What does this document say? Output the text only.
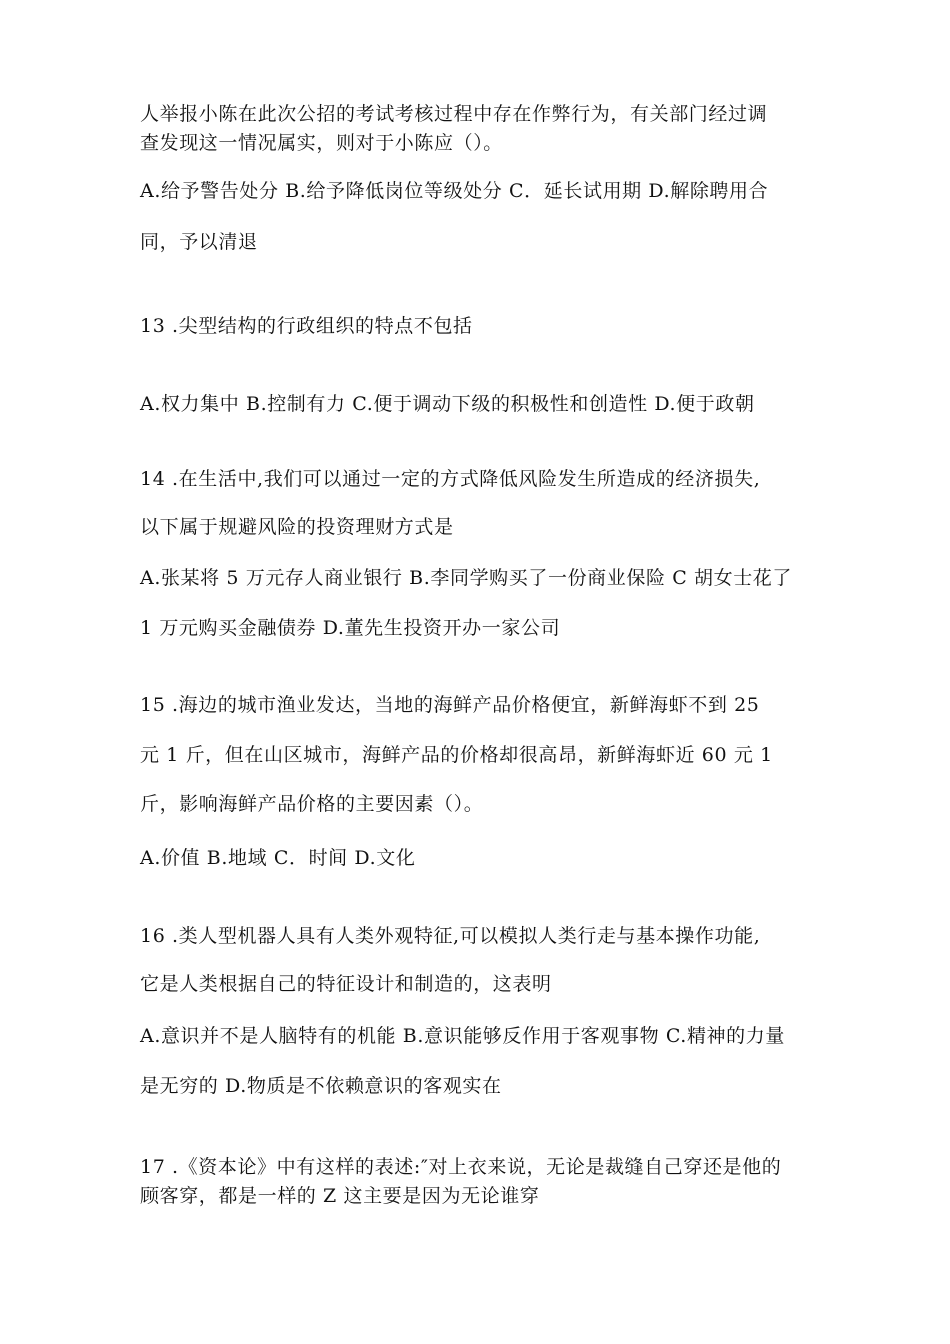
人举报小陈在此次公招的考试考核过程中存在作弊行为，有关部门经过调
查发现这一情况属实，则对于小陈应（）。
A.给予警告处分 B.给予降低岗位等级处分 C．延长试用期 D.解除聘用合
同，予以清退
13 .尖型结构的行政组织的特点不包括
A.权力集中 B.控制有力 C.便于调动下级的积极性和创造性 D.便于政朝
14 .在生活中,我们可以通过一定的方式降低风险发生所造成的经济损失,
以下属于规避风险的投资理财方式是
A.张某将 5 万元存人商业银行 B.李同学购买了一份商业保险 C 胡女士花了
1 万元购买金融债券 D.董先生投资开办一家公司
15 .海边的城市渔业发达，当地的海鲜产品价格便宜，新鲜海虾不到 25
元 1 斤，但在山区城市，海鲜产品的价格却很高昂，新鲜海虾近 60 元 1
斤，影响海鲜产品价格的主要因素（）。
A.价值 B.地域 C．时间 D.文化
16 .类人型机器人具有人类外观特征,可以模拟人类行走与基本操作功能,
它是人类根据自己的特征设计和制造的，这表明
A.意识并不是人脑特有的机能 B.意识能够反作用于客观事物 C.精神的力量
是无穷的 D.物质是不依赖意识的客观实在
17 .《资本论》中有这样的表述:″对上衣来说，无论是裁缝自己穿还是他的
顾客穿，都是一样的 Z 这主要是因为无论谁穿
